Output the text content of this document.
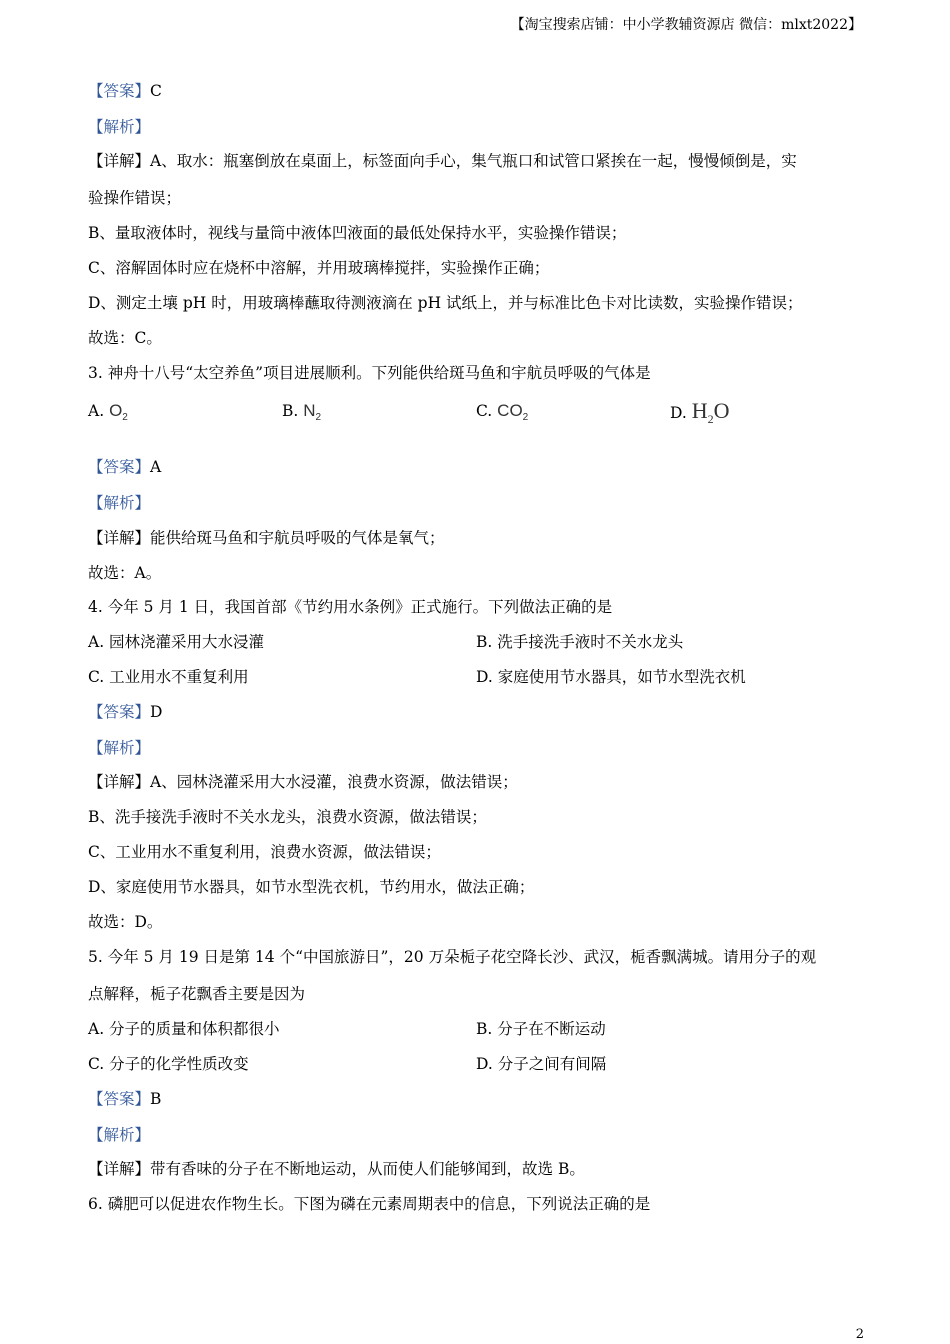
【淘宝搜索店铺：中小学教辅资源店 微信：mlxt2022】
【答案】C
【解析】
【详解】A、取水：瓶塞倒放在桌面上，标签面向手心，集气瓶口和试管口紧挨在一起，慢慢倾倒是，实
验操作错误；
B、量取液体时，视线与量筒中液体凹液面的最低处保持水平，实验操作错误；
C、溶解固体时应在烧杯中溶解，并用玻璃棒搅拌，实验操作正确；
D、测定土壤 pH 时，用玻璃棒蘸取待测液滴在 pH 试纸上，并与标准比色卡对比读数，实验操作错误；
故选：C。
3. 神舟十八号“太空养鱼”项目进展顺利。下列能供给斑马鱼和宇航员呼吸的气体是
A. $O_2$	B. $N_2$	C. $CO_2$	D. $H_2O$
【答案】A
【解析】
【详解】能供给斑马鱼和宇航员呼吸的气体是氧气；
故选：A。
4. 今年 5 月 1 日，我国首部《节约用水条例》正式施行。下列做法正确的是
A. 园林浇灌采用大水浸灌	B. 洗手接洗手液时不关水龙头
C. 工业用水不重复利用	D. 家庭使用节水器具，如节水型洗衣机
【答案】D
【解析】
【详解】A、园林浇灌采用大水浸灌，浪费水资源，做法错误；
B、洗手接洗手液时不关水龙头，浪费水资源，做法错误；
C、工业用水不重复利用，浪费水资源，做法错误；
D、家庭使用节水器具，如节水型洗衣机，节约用水，做法正确；
故选：D。
5. 今年 5 月 19 日是第 14 个“中国旅游日”，20 万朵栀子花空降长沙、武汉，栀香飘满城。请用分子的观
点解释，栀子花飘香主要是因为
A. 分子的质量和体积都很小	B. 分子在不断运动
C. 分子的化学性质改变	D. 分子之间有间隔
【答案】B
【解析】
【详解】带有香味的分子在不断地运动，从而使人们能够闻到，故选 B。
6. 磷肥可以促进农作物生长。下图为磷在元素周期表中的信息，下列说法正确的是
2
